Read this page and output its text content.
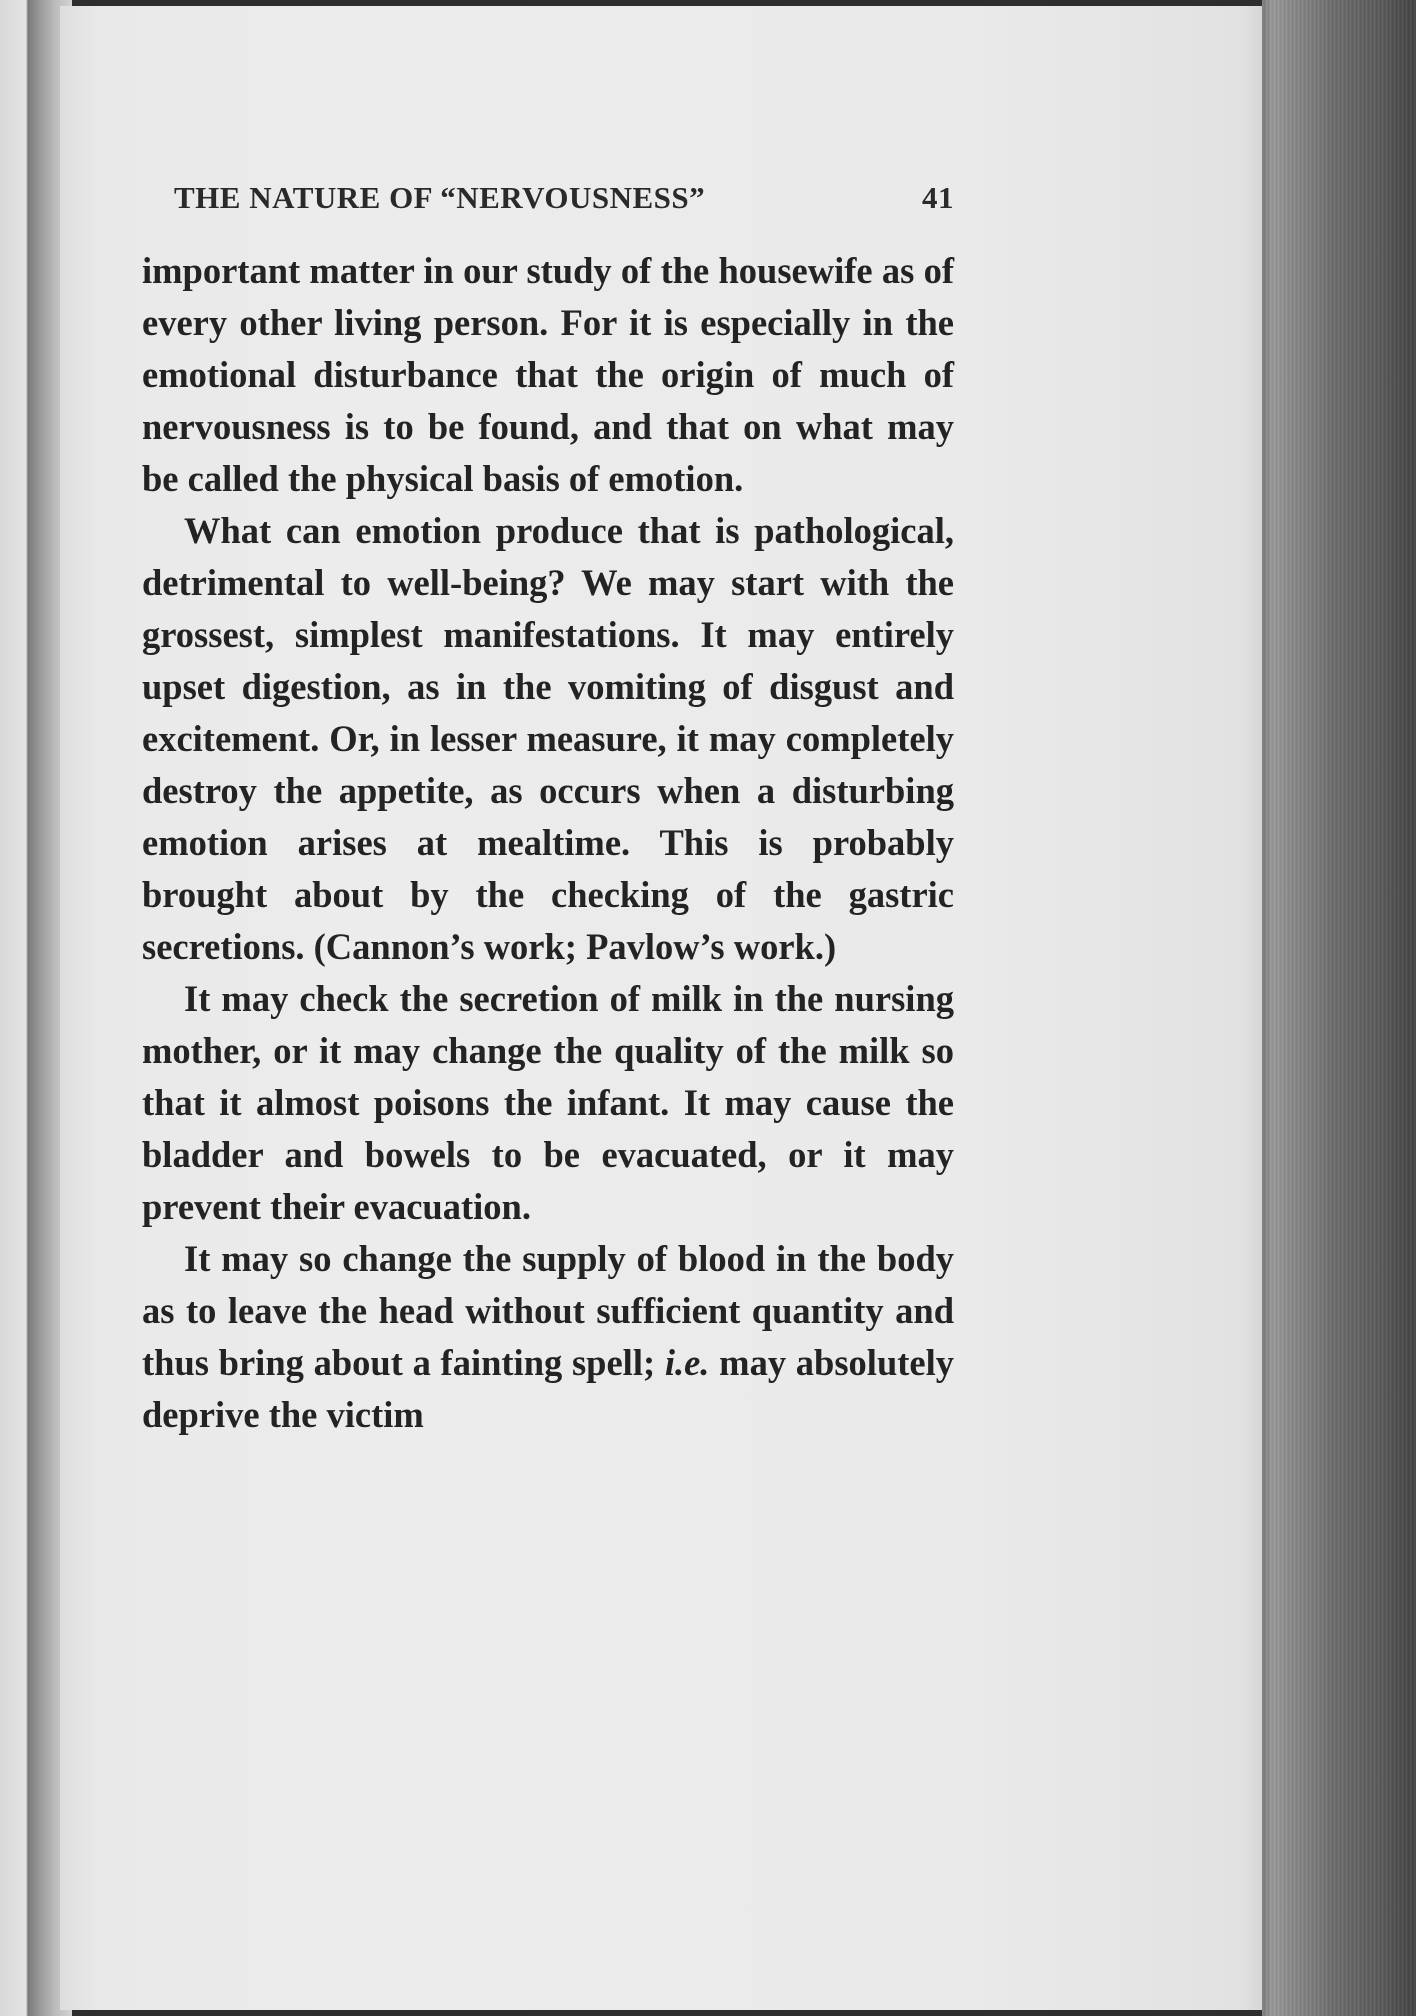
THE NATURE OF “NERVOUSNESS”	41

important matter in our study of the housewife as of every other living person. For it is especially in the emotional disturbance that the origin of much of nervousness is to be found, and that on what may be called the physical basis of emotion.

What can emotion produce that is pathological, detrimental to well-being? We may start with the grossest, simplest manifestations. It may entirely upset digestion, as in the vomiting of disgust and excitement. Or, in lesser measure, it may completely destroy the appetite, as occurs when a disturbing emotion arises at mealtime. This is probably brought about by the checking of the gastric secretions. (Cannon’s work; Pavlow’s work.)

It may check the secretion of milk in the nursing mother, or it may change the quality of the milk so that it almost poisons the infant. It may cause the bladder and bowels to be evacuated, or it may prevent their evacuation.

It may so change the supply of blood in the body as to leave the head without sufficient quantity and thus bring about a fainting spell; i.e. may absolutely deprive the victim
